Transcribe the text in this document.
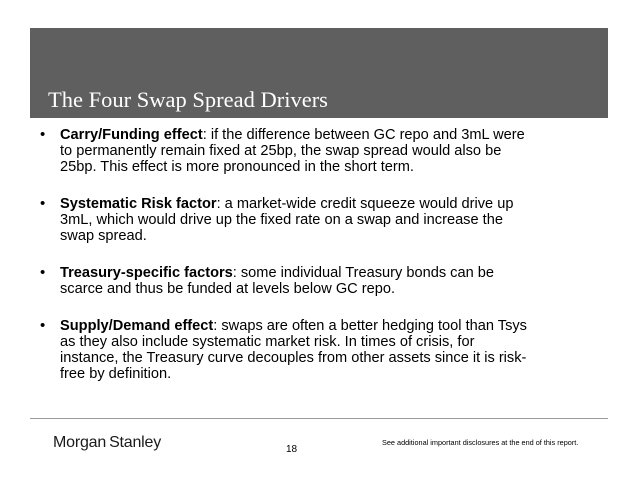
The Four Swap Spread Drivers
• Carry/Funding effect: if the difference between GC repo and 3mL were
to permanently remain fixed at 25bp, the swap spread would also be
25bp. This effect is more pronounced in the short term.
• Systematic Risk factor: a market-wide credit squeeze would drive up
3mL, which would drive up the fixed rate on a swap and increase the
swap spread.
• Treasury-specific factors: some individual Treasury bonds can be
scarce and thus be funded at levels below GC repo.
• Supply/Demand effect: swaps are often a better hedging tool than Tsys
as they also include systematic market risk. In times of crisis, for
instance, the Treasury curve decouples from other assets since it is risk-
free by definition.
Morgan Stanley	18
See additional important disclosures at the end of this report.
